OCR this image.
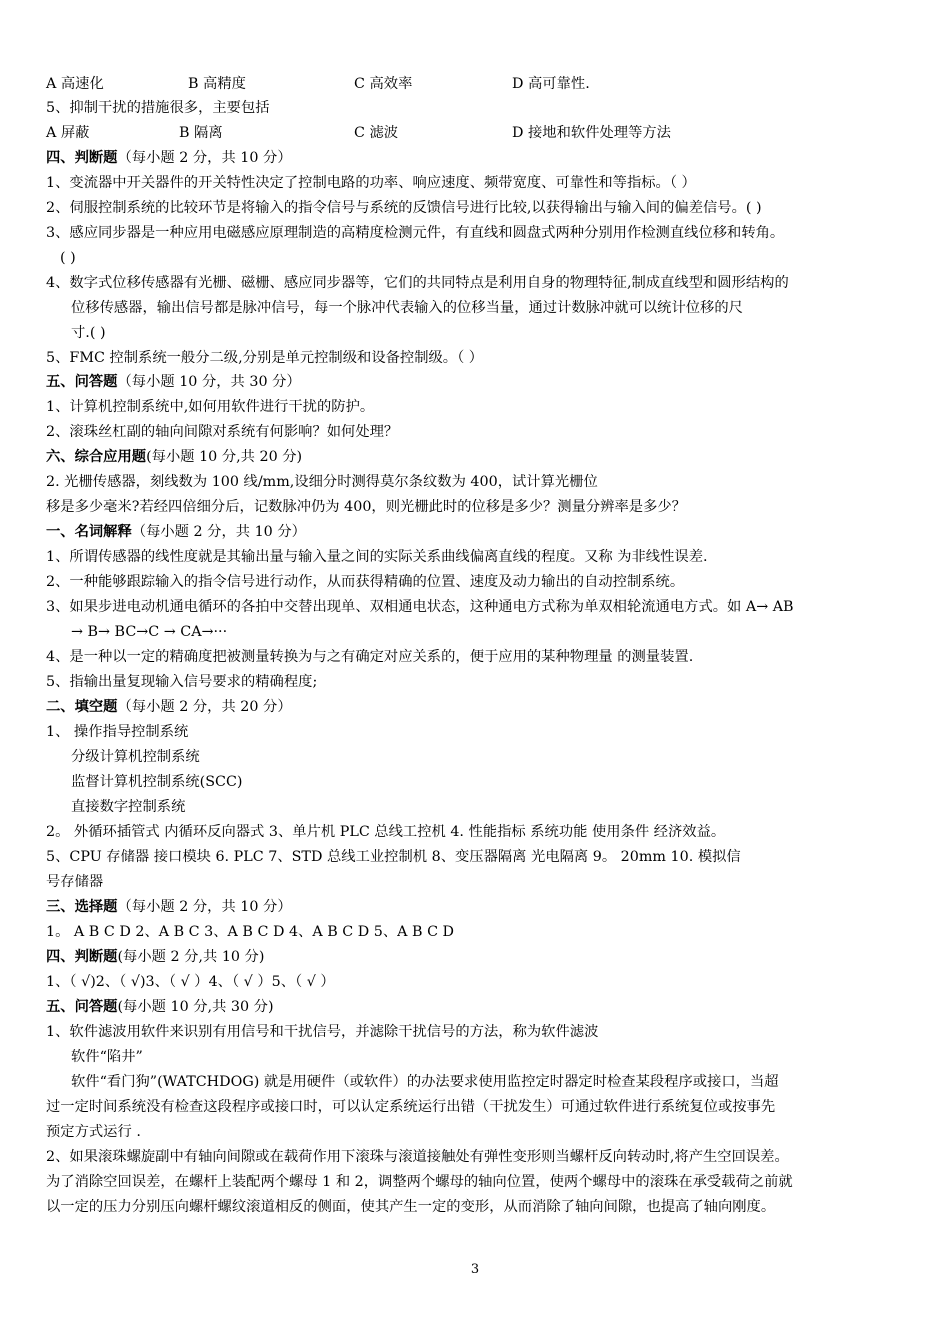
A 高速化	B 高精度	C 高效率	D 高可靠性.
5、抑制干扰的措施很多，主要包括
A 屏蔽	B 隔离	C 滤波	D 接地和软件处理等方法
四、判断题（每小题 2 分，共 10 分）
1、变流器中开关器件的开关特性决定了控制电路的功率、响应速度、频带宽度、可靠性和等指标。（ ）
2、伺服控制系统的比较环节是将输入的指令信号与系统的反馈信号进行比较,以获得输出与输入间的偏差信号。( )
3、感应同步器是一种应用电磁感应原理制造的高精度检测元件，有直线和圆盘式两种分别用作检测直线位移和转角。
( )
4、数字式位移传感器有光栅、磁栅、感应同步器等，它们的共同特点是利用自身的物理特征,制成直线型和圆形结构的
位移传感器，输出信号都是脉冲信号，每一个脉冲代表输入的位移当量，通过计数脉冲就可以统计位移的尺
寸.( )
5、FMC 控制系统一般分二级,分别是单元控制级和设备控制级。（ ）
五、问答题（每小题 10 分，共 30 分）
1、计算机控制系统中,如何用软件进行干扰的防护。
2、滚珠丝杠副的轴向间隙对系统有何影响？如何处理？
六、综合应用题(每小题 10 分,共 20 分)
2. 光栅传感器，刻线数为 100 线/mm,设细分时测得莫尔条纹数为 400，试计算光栅位
移是多少毫米?若经四倍细分后，记数脉冲仍为 400，则光栅此时的位移是多少？测量分辨率是多少？
一、名词解释（每小题 2 分，共 10 分）
1、所谓传感器的线性度就是其输出量与输入量之间的实际关系曲线偏离直线的程度。又称 为非线性误差.
2、一种能够跟踪输入的指令信号进行动作，从而获得精确的位置、速度及动力输出的自动控制系统。
3、如果步进电动机通电循环的各拍中交替出现单、双相通电状态，这种通电方式称为单双相轮流通电方式。如 A→ AB
→ B→ BC→C → CA→···
4、是一种以一定的精确度把被测量转换为与之有确定对应关系的，便于应用的某种物理量 的测量装置.
5、指输出量复现输入信号要求的精确程度;
二、填空题（每小题 2 分，共 20 分）
1、 操作指导控制系统
分级计算机控制系统
监督计算机控制系统(SCC)
直接数字控制系统
2。 外循环插管式 内循环反向器式 3、单片机 PLC 总线工控机 4. 性能指标 系统功能 使用条件 经济效益。
5、CPU 存储器 接口模块 6. PLC 7、STD 总线工业控制机 8、变压器隔离 光电隔离 9。 20mm 10. 模拟信
号存储器
三、选择题（每小题 2 分，共 10 分）
1。 A B C D 2、A B C 3、A B C D 4、A B C D 5、A B C D
四、判断题(每小题 2 分,共 10 分)
1、（ √)2、（ √)3、（ √ ）4、（ √ ）5、（ √ ）
五、问答题(每小题 10 分,共 30 分)
1、软件滤波用软件来识别有用信号和干扰信号，并滤除干扰信号的方法，称为软件滤波
软件“陷井”
软件“看门狗”(WATCHDOG) 就是用硬件（或软件）的办法要求使用监控定时器定时检查某段程序或接口，当超
过一定时间系统没有检查这段程序或接口时，可以认定系统运行出错（干扰发生）可通过软件进行系统复位或按事先
预定方式运行 .
2、如果滚珠螺旋副中有轴向间隙或在载荷作用下滚珠与滚道接触处有弹性变形则当螺杆反向转动时,将产生空回误差。
为了消除空回误差，在螺杆上装配两个螺母 1 和 2，调整两个螺母的轴向位置，使两个螺母中的滚珠在承受载荷之前就
以一定的压力分别压向螺杆螺纹滚道相反的侧面，使其产生一定的变形，从而消除了轴向间隙，也提高了轴向刚度。
3
